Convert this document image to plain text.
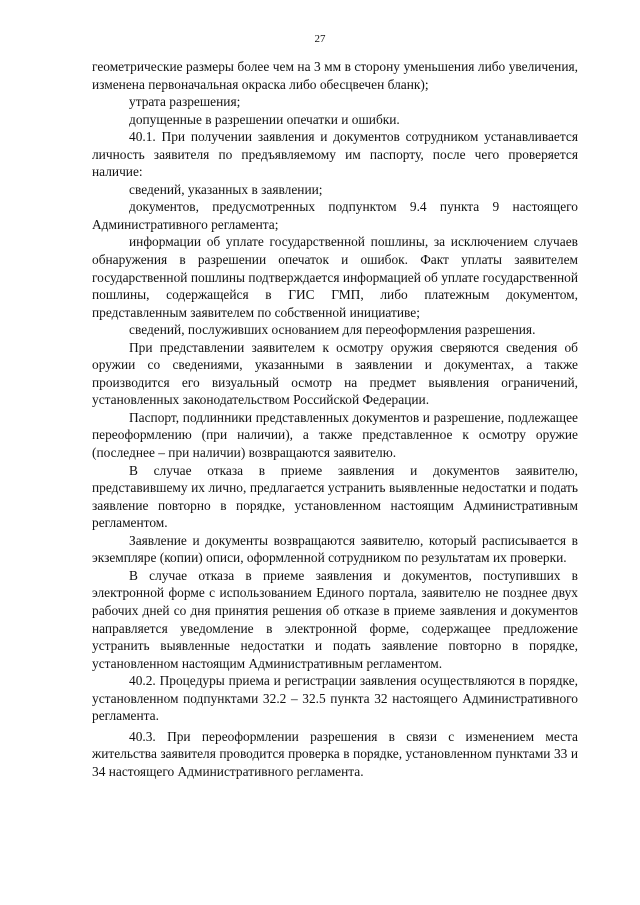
27

геометрические размеры более чем на 3 мм в сторону уменьшения либо увеличения, изменена первоначальная окраска либо обесцвечен бланк);

утрата разрешения;

допущенные в разрешении опечатки и ошибки.

40.1. При получении заявления и документов сотрудником устанавливается личность заявителя по предъявляемому им паспорту, после чего проверяется наличие:

сведений, указанных в заявлении;

документов, предусмотренных подпунктом 9.4 пункта 9 настоящего Административного регламента;

информации об уплате государственной пошлины, за исключением случаев обнаружения в разрешении опечаток и ошибок. Факт уплаты заявителем государственной пошлины подтверждается информацией об уплате государственной пошлины, содержащейся в ГИС ГМП, либо платежным документом, представленным заявителем по собственной инициативе;

сведений, послуживших основанием для переоформления разрешения.

При представлении заявителем к осмотру оружия сверяются сведения об оружии со сведениями, указанными в заявлении и документах, а также производится его визуальный осмотр на предмет выявления ограничений, установленных законодательством Российской Федерации.

Паспорт, подлинники представленных документов и разрешение, подлежащее переоформлению (при наличии), а также представленное к осмотру оружие (последнее – при наличии) возвращаются заявителю.

В случае отказа в приеме заявления и документов заявителю, представившему их лично, предлагается устранить выявленные недостатки и подать заявление повторно в порядке, установленном настоящим Административным регламентом.

Заявление и документы возвращаются заявителю, который расписывается в экземпляре (копии) описи, оформленной сотрудником по результатам их проверки.

В случае отказа в приеме заявления и документов, поступивших в электронной форме с использованием Единого портала, заявителю не позднее двух рабочих дней со дня принятия решения об отказе в приеме заявления и документов направляется уведомление в электронной форме, содержащее предложение устранить выявленные недостатки и подать заявление повторно в порядке, установленном настоящим Административным регламентом.

40.2. Процедуры приема и регистрации заявления осуществляются в порядке, установленном подпунктами 32.2 – 32.5 пункта 32 настоящего Административного регламента.

40.3. При переоформлении разрешения в связи с изменением места жительства заявителя проводится проверка в порядке, установленном пунктами 33 и 34 настоящего Административного регламента.
